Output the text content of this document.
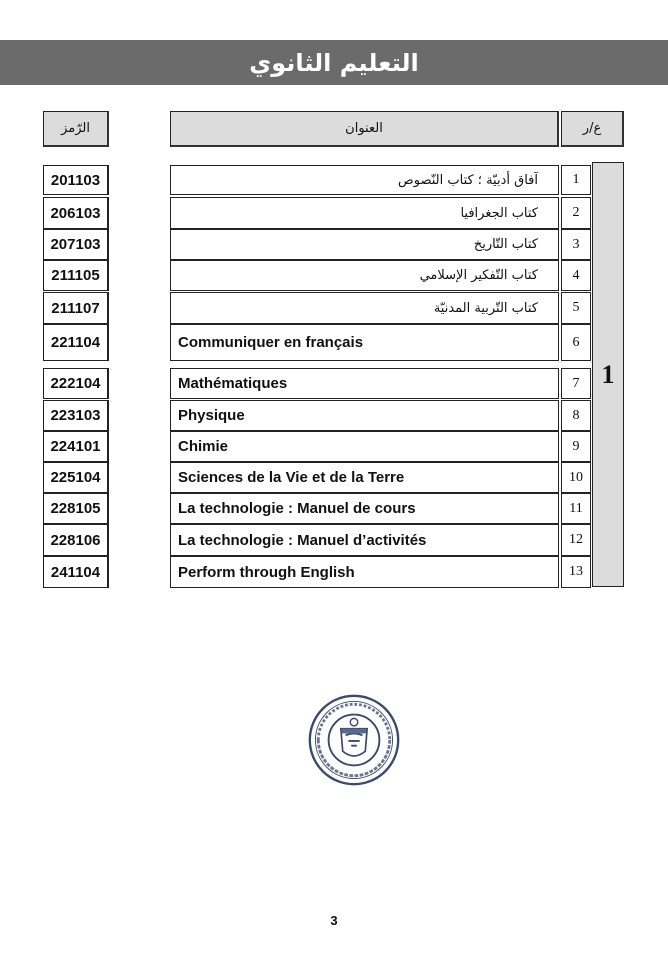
التعليم الثانوي
الرّمز	العنوان	ع/ر
201103	آفاق أدبيّة ؛ كتاب النّصوص	1
206103	كتاب الجغرافيا	2
207103	كتاب التّاريخ	3
211105	كتاب التّفكير الإسلامي	4
211107	كتاب التّربية المدنيّة	5
221104	Communiquer en français	6
222104	Mathématiques	7
223103	Physique	8
224101	Chimie	9
225104	Sciences de la Vie et de la Terre	10
228105	La technologie : Manuel de cours	11
228106	La technologie : Manuel d’activités	12
241104	Perform through English	13
1
3
